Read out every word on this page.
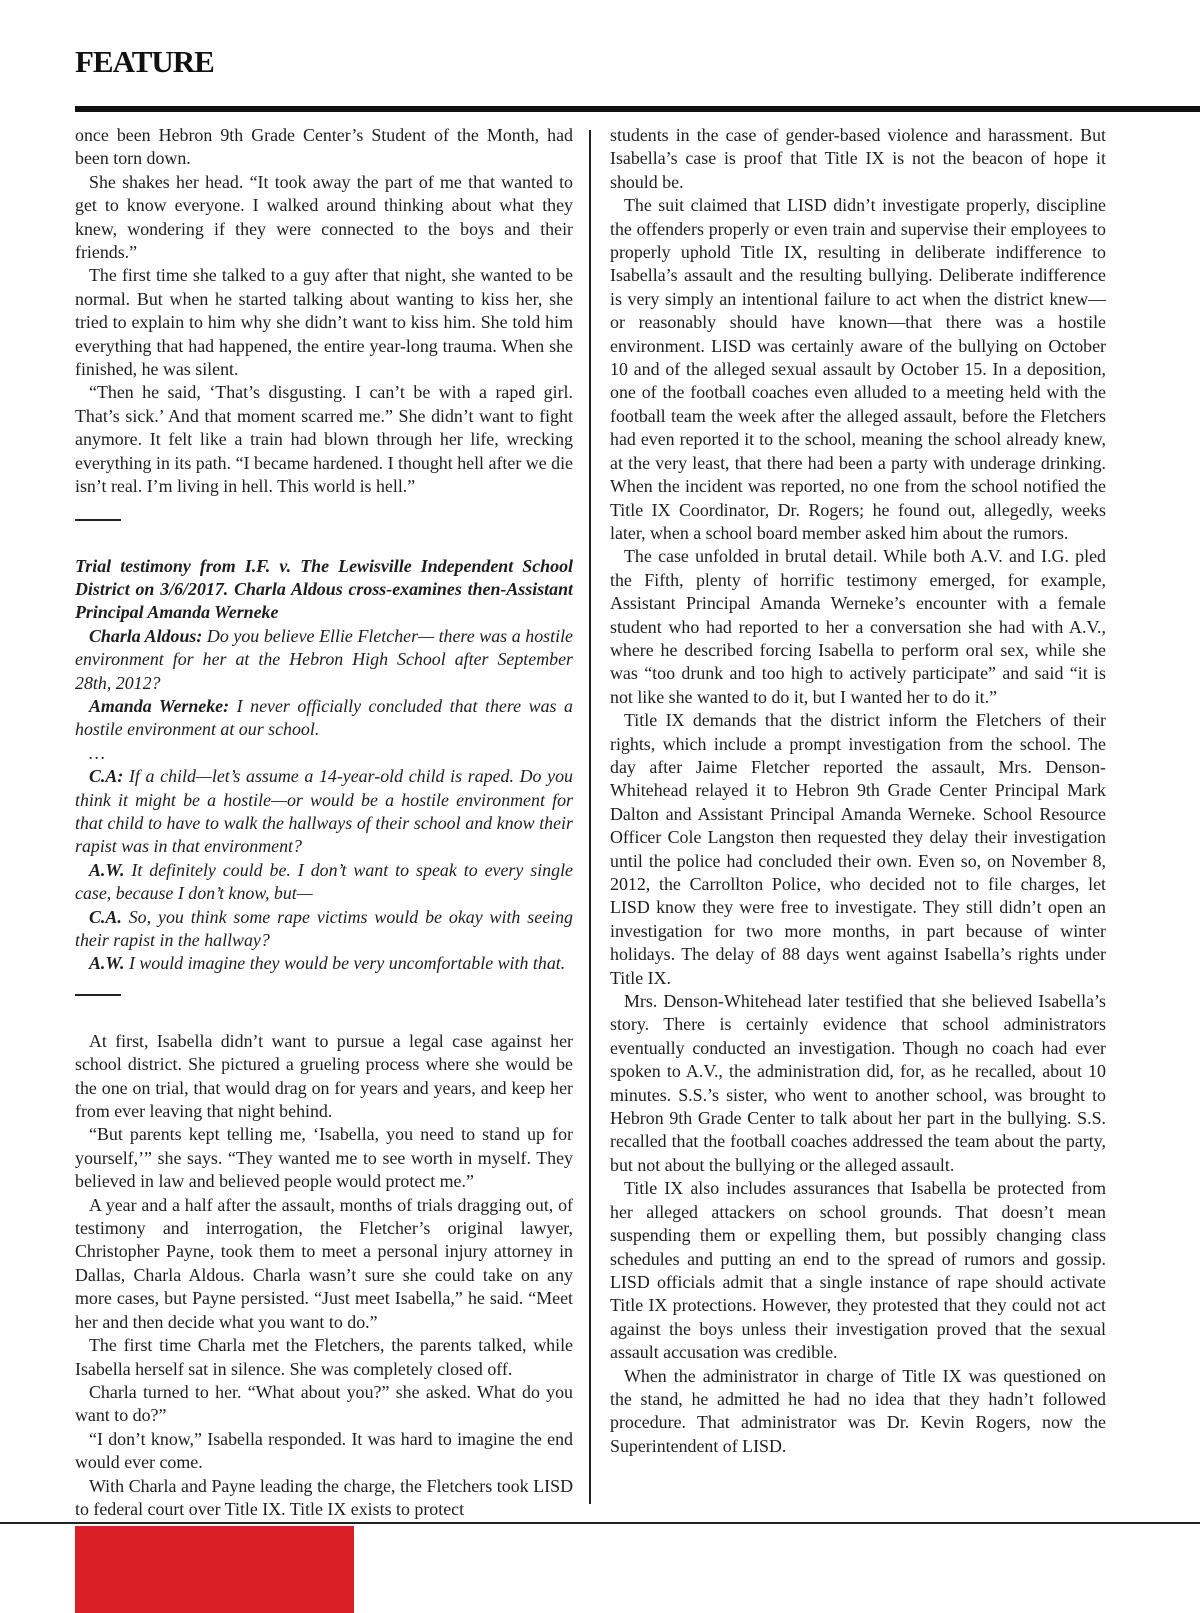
FEATURE

once been Hebron 9th Grade Center’s Student of the Month, had been torn down.

She shakes her head. “It took away the part of me that wanted to get to know everyone. I walked around thinking about what they knew, wondering if they were connected to the boys and their friends.”

The first time she talked to a guy after that night, she wanted to be normal. But when he started talking about wanting to kiss her, she tried to explain to him why she didn’t want to kiss him. She told him everything that had happened, the entire year-long trauma. When she finished, he was silent.

“Then he said, ‘That’s disgusting. I can’t be with a raped girl. That’s sick.’ And that moment scarred me.” She didn’t want to fight anymore. It felt like a train had blown through her life, wrecking everything in its path. “I became hardened. I thought hell after we die isn’t real. I’m living in hell. This world is hell.”

Trial testimony from I.F. v. The Lewisville Independent School District on 3/6/2017. Charla Aldous cross-examines then-Assistant Principal Amanda Werneke

Charla Aldous: Do you believe Ellie Fletcher— there was a hostile environment for her at the Hebron High School after September 28th, 2012?

Amanda Werneke: I never officially concluded that there was a hostile environment at our school.

…

C.A: If a child—let’s assume a 14-year-old child is raped. Do you think it might be a hostile—or would be a hostile environment for that child to have to walk the hallways of their school and know their rapist was in that environment?

A.W. It definitely could be. I don’t want to speak to every single case, because I don’t know, but—

C.A. So, you think some rape victims would be okay with seeing their rapist in the hallway?

A.W. I would imagine they would be very uncomfortable with that.

At first, Isabella didn’t want to pursue a legal case against her school district. She pictured a grueling process where she would be the one on trial, that would drag on for years and years, and keep her from ever leaving that night behind.

“But parents kept telling me, ‘Isabella, you need to stand up for yourself,’” she says. “They wanted me to see worth in myself. They believed in law and believed people would protect me.”

A year and a half after the assault, months of trials dragging out, of testimony and interrogation, the Fletcher’s original lawyer, Christopher Payne, took them to meet a personal injury attorney in Dallas, Charla Aldous. Charla wasn’t sure she could take on any more cases, but Payne persisted. “Just meet Isabella,” he said. “Meet her and then decide what you want to do.”

The first time Charla met the Fletchers, the parents talked, while Isabella herself sat in silence. She was completely closed off.

Charla turned to her. “What about you?” she asked. What do you want to do?”

“I don’t know,” Isabella responded. It was hard to imagine the end would ever come.

With Charla and Payne leading the charge, the Fletchers took LISD to federal court over Title IX. Title IX exists to protect

students in the case of gender-based violence and harassment. But Isabella’s case is proof that Title IX is not the beacon of hope it should be.

The suit claimed that LISD didn’t investigate properly, discipline the offenders properly or even train and supervise their employees to properly uphold Title IX, resulting in deliberate indifference to Isabella’s assault and the resulting bullying. Deliberate indifference is very simply an intentional failure to act when the district knew—or reasonably should have known—that there was a hostile environment. LISD was certainly aware of the bullying on October 10 and of the alleged sexual assault by October 15. In a deposition, one of the football coaches even alluded to a meeting held with the football team the week after the alleged assault, before the Fletchers had even reported it to the school, meaning the school already knew, at the very least, that there had been a party with underage drinking. When the incident was reported, no one from the school notified the Title IX Coordinator, Dr. Rogers; he found out, allegedly, weeks later, when a school board member asked him about the rumors.

The case unfolded in brutal detail. While both A.V. and I.G. pled the Fifth, plenty of horrific testimony emerged, for example, Assistant Principal Amanda Werneke’s encounter with a female student who had reported to her a conversation she had with A.V., where he described forcing Isabella to perform oral sex, while she was “too drunk and too high to actively participate” and said “it is not like she wanted to do it, but I wanted her to do it.”

Title IX demands that the district inform the Fletchers of their rights, which include a prompt investigation from the school. The day after Jaime Fletcher reported the assault, Mrs. Denson-Whitehead relayed it to Hebron 9th Grade Center Principal Mark Dalton and Assistant Principal Amanda Werneke. School Resource Officer Cole Langston then requested they delay their investigation until the police had concluded their own. Even so, on November 8, 2012, the Carrollton Police, who decided not to file charges, let LISD know they were free to investigate. They still didn’t open an investigation for two more months, in part because of winter holidays. The delay of 88 days went against Isabella’s rights under Title IX.

Mrs. Denson-Whitehead later testified that she believed Isabella’s story. There is certainly evidence that school administrators eventually conducted an investigation. Though no coach had ever spoken to A.V., the administration did, for, as he recalled, about 10 minutes. S.S.’s sister, who went to another school, was brought to Hebron 9th Grade Center to talk about her part in the bullying. S.S. recalled that the football coaches addressed the team about the party, but not about the bullying or the alleged assault.

Title IX also includes assurances that Isabella be protected from her alleged attackers on school grounds. That doesn’t mean suspending them or expelling them, but possibly changing class schedules and putting an end to the spread of rumors and gossip. LISD officials admit that a single instance of rape should activate Title IX protections. However, they protested that they could not act against the boys unless their investigation proved that the sexual assault accusation was credible.

When the administrator in charge of Title IX was questioned on the stand, he admitted he had no idea that they hadn’t followed procedure. That administrator was Dr. Kevin Rogers, now the Superintendent of LISD.
